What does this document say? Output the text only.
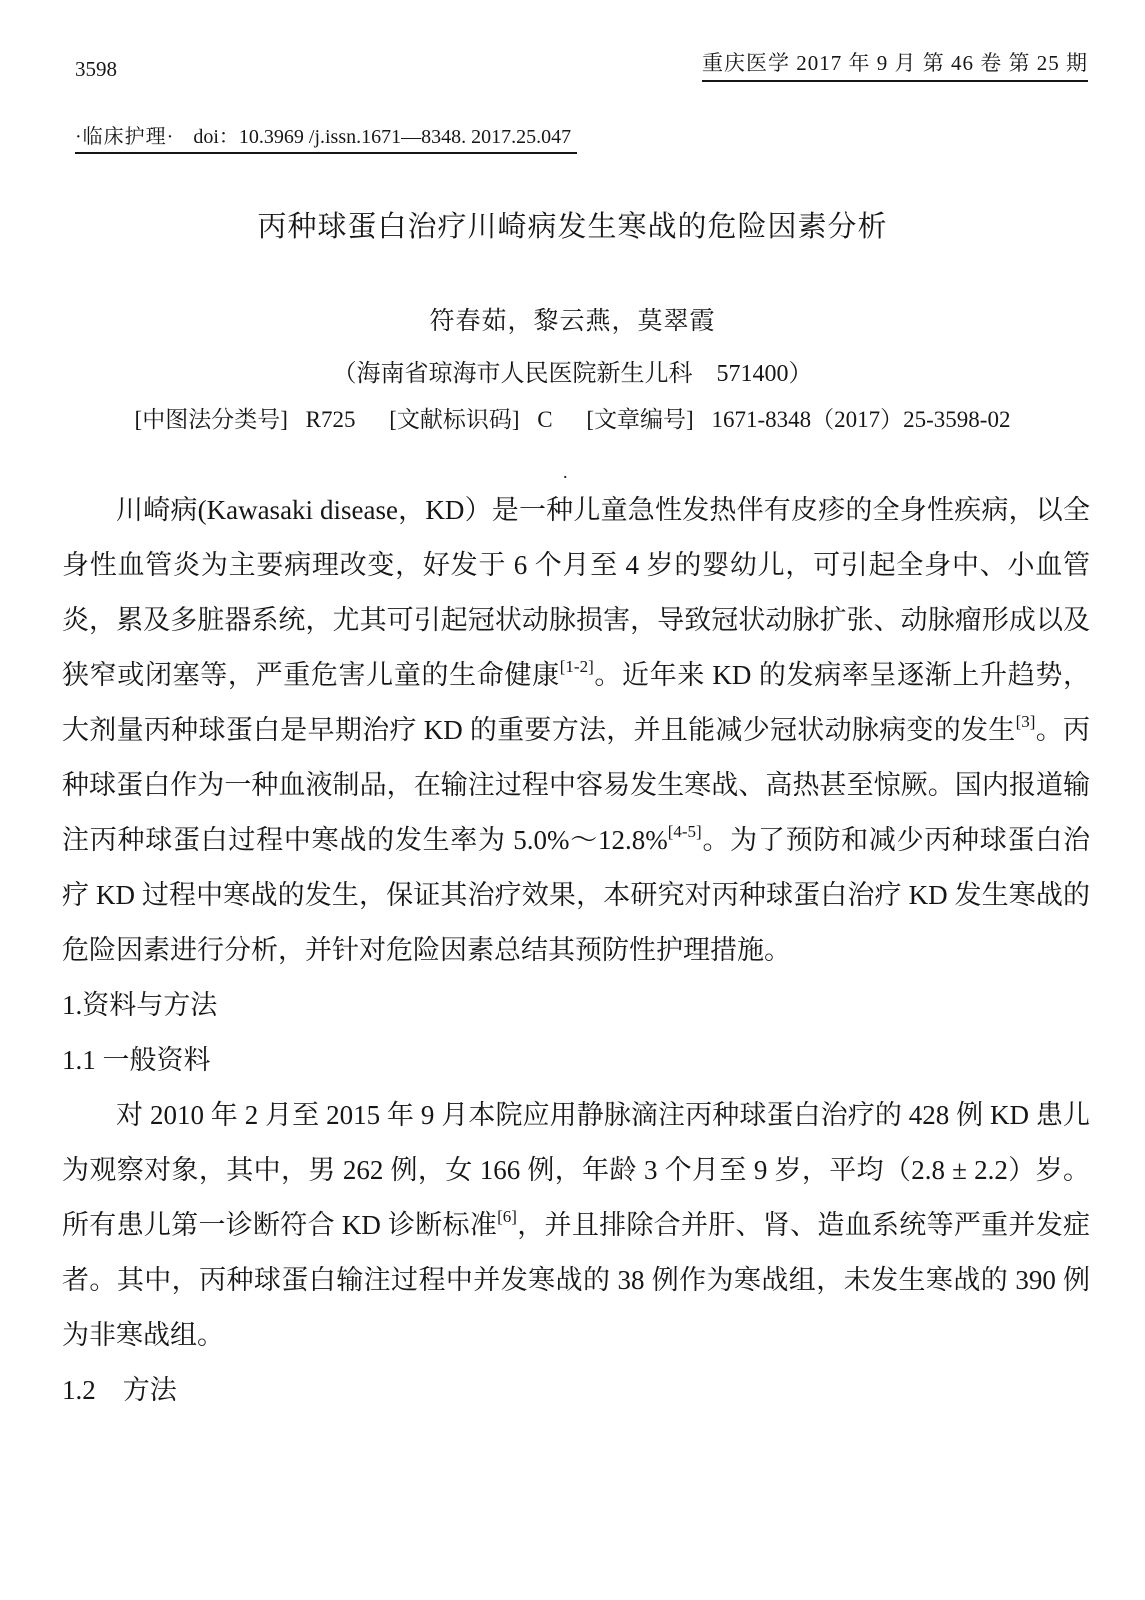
3598	重庆医学 2017 年 9 月 第 46 卷 第 25 期
·临床护理· doi：10.3969 /j.issn.1671—8348. 2017.25.047
丙种球蛋白治疗川崎病发生寒战的危险因素分析
符春茹，黎云燕，莫翠霞
（海南省琼海市人民医院新生儿科　571400）
[中图法分类号] R725 [文献标识码] C [文章编号] 1671-8348（2017）25-3598-02
.

川崎病(Kawasaki disease，KD）是一种儿童急性发热伴有皮疹的全身性疾病，以全身性血管炎为主要病理改变，好发于 6 个月至 4 岁的婴幼儿，可引起全身中、小血管炎，累及多脏器系统，尤其可引起冠状动脉损害，导致冠状动脉扩张、动脉瘤形成以及狭窄或闭塞等，严重危害儿童的生命健康[1-2]。近年来 KD 的发病率呈逐渐上升趋势，大剂量丙种球蛋白是早期治疗 KD 的重要方法，并且能减少冠状动脉病变的发生[3]。丙种球蛋白作为一种血液制品，在输注过程中容易发生寒战、高热甚至惊厥。国内报道输注丙种球蛋白过程中寒战的发生率为 5.0%～12.8%[4-5]。为了预防和减少丙种球蛋白治疗 KD 过程中寒战的发生，保证其治疗效果，本研究对丙种球蛋白治疗 KD 发生寒战的危险因素进行分析，并针对危险因素总结其预防性护理措施。

1.资料与方法

1.1 一般资料

对 2010 年 2 月至 2015 年 9 月本院应用静脉滴注丙种球蛋白治疗的 428 例 KD 患儿为观察对象，其中，男 262 例，女 166 例，年龄 3 个月至 9 岁，平均（2.8 ± 2.2）岁。所有患儿第一诊断符合 KD 诊断标准[6]，并且排除合并肝、肾、造血系统等严重并发症者。其中，丙种球蛋白输注过程中并发寒战的 38 例作为寒战组，未发生寒战的 390 例为非寒战组。

1.2　方法
